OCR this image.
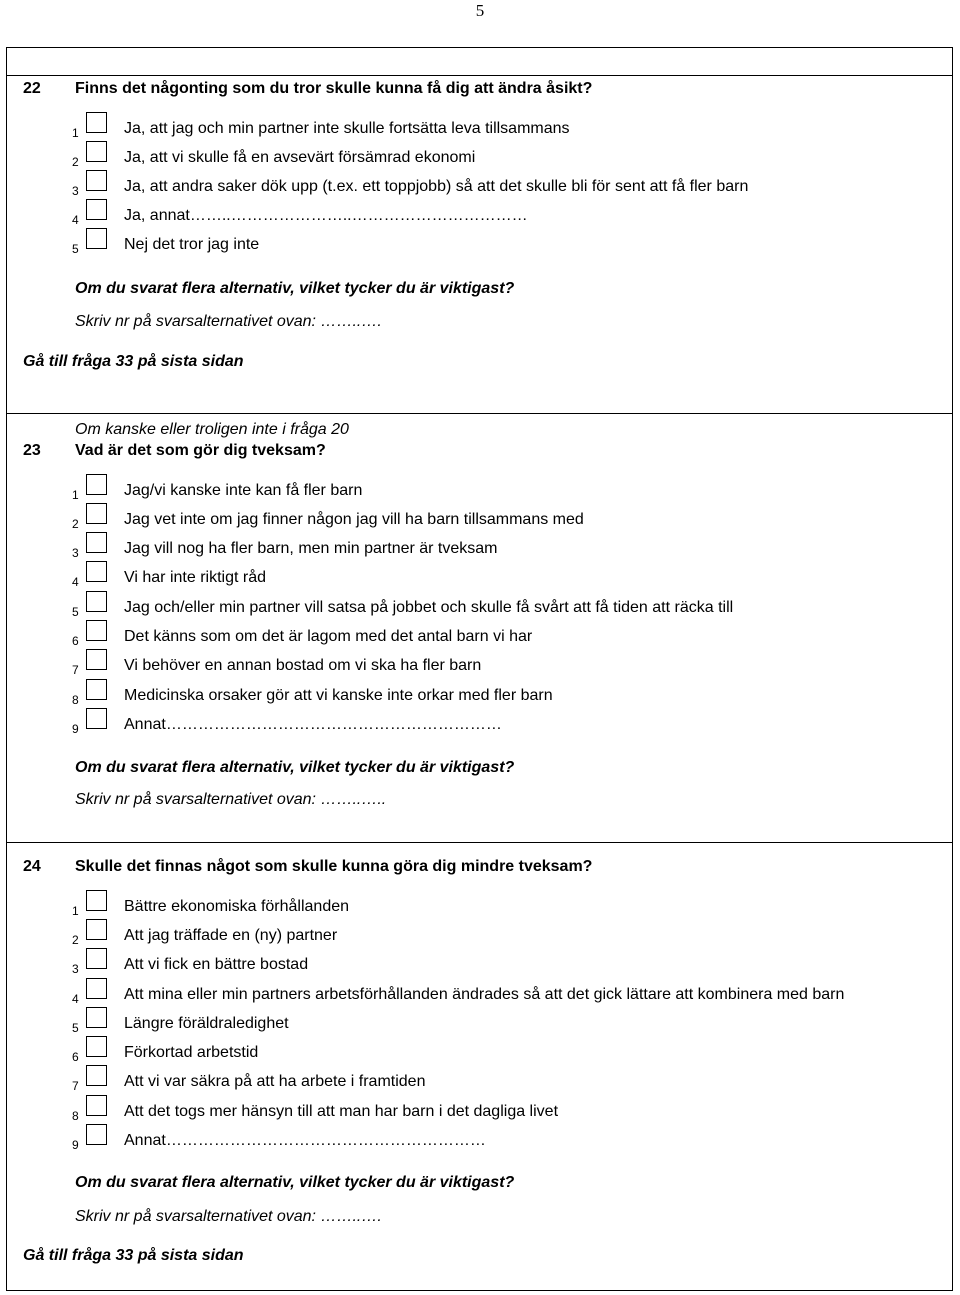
5
22 Finns det någonting som du tror skulle kunna få dig att ändra åsikt?
1	Ja, att jag och min partner inte skulle fortsätta leva tillsammans
2	Ja, att vi skulle få en avsevärt försämrad ekonomi
3	Ja, att andra saker dök upp (t.ex. ett toppjobb) så att det skulle bli för sent att få fler barn
4	Ja, annat……..…………………..……………………………
5	Nej det tror jag inte
Om du svarat flera alternativ, vilket tycker du är viktigast?
Skriv nr på svarsalternativet ovan: ……..….
Gå till fråga 33 på sista sidan
Om kanske eller troligen inte i fråga 20
23 Vad är det som gör dig tveksam?
1	Jag/vi kanske inte kan få fler barn
2	Jag vet inte om jag finner någon jag vill ha barn tillsammans med
3	Jag vill nog ha fler barn, men min partner är tveksam
4	Vi har inte riktigt råd
5	Jag och/eller min partner vill satsa på jobbet och skulle få svårt att få tiden att räcka till
6	Det känns som om det är lagom med det antal barn vi har
7	Vi behöver en annan bostad om vi ska ha fler barn
8	Medicinska orsaker gör att vi kanske inte orkar med fler barn
9	Annat………………………………………………………
Om du svarat flera alternativ, vilket tycker du är viktigast?
Skriv nr på svarsalternativet ovan: ……..…..
24 Skulle det finnas något som skulle kunna göra dig mindre tveksam?
1	Bättre ekonomiska förhållanden
2	Att jag träffade en (ny) partner
3	Att vi fick en bättre bostad
4	Att mina eller min partners arbetsförhållanden ändrades så att det gick lättare att kombinera med barn
5	Längre föräldraledighet
6	Förkortad arbetstid
7	Att vi var säkra på att ha arbete i framtiden
8	Att det togs mer hänsyn till att man har barn i det dagliga livet
9	Annat……………………………………………………
Om du svarat flera alternativ, vilket tycker du är viktigast?
Skriv nr på svarsalternativet ovan: ……..….
Gå till fråga 33 på sista sidan
